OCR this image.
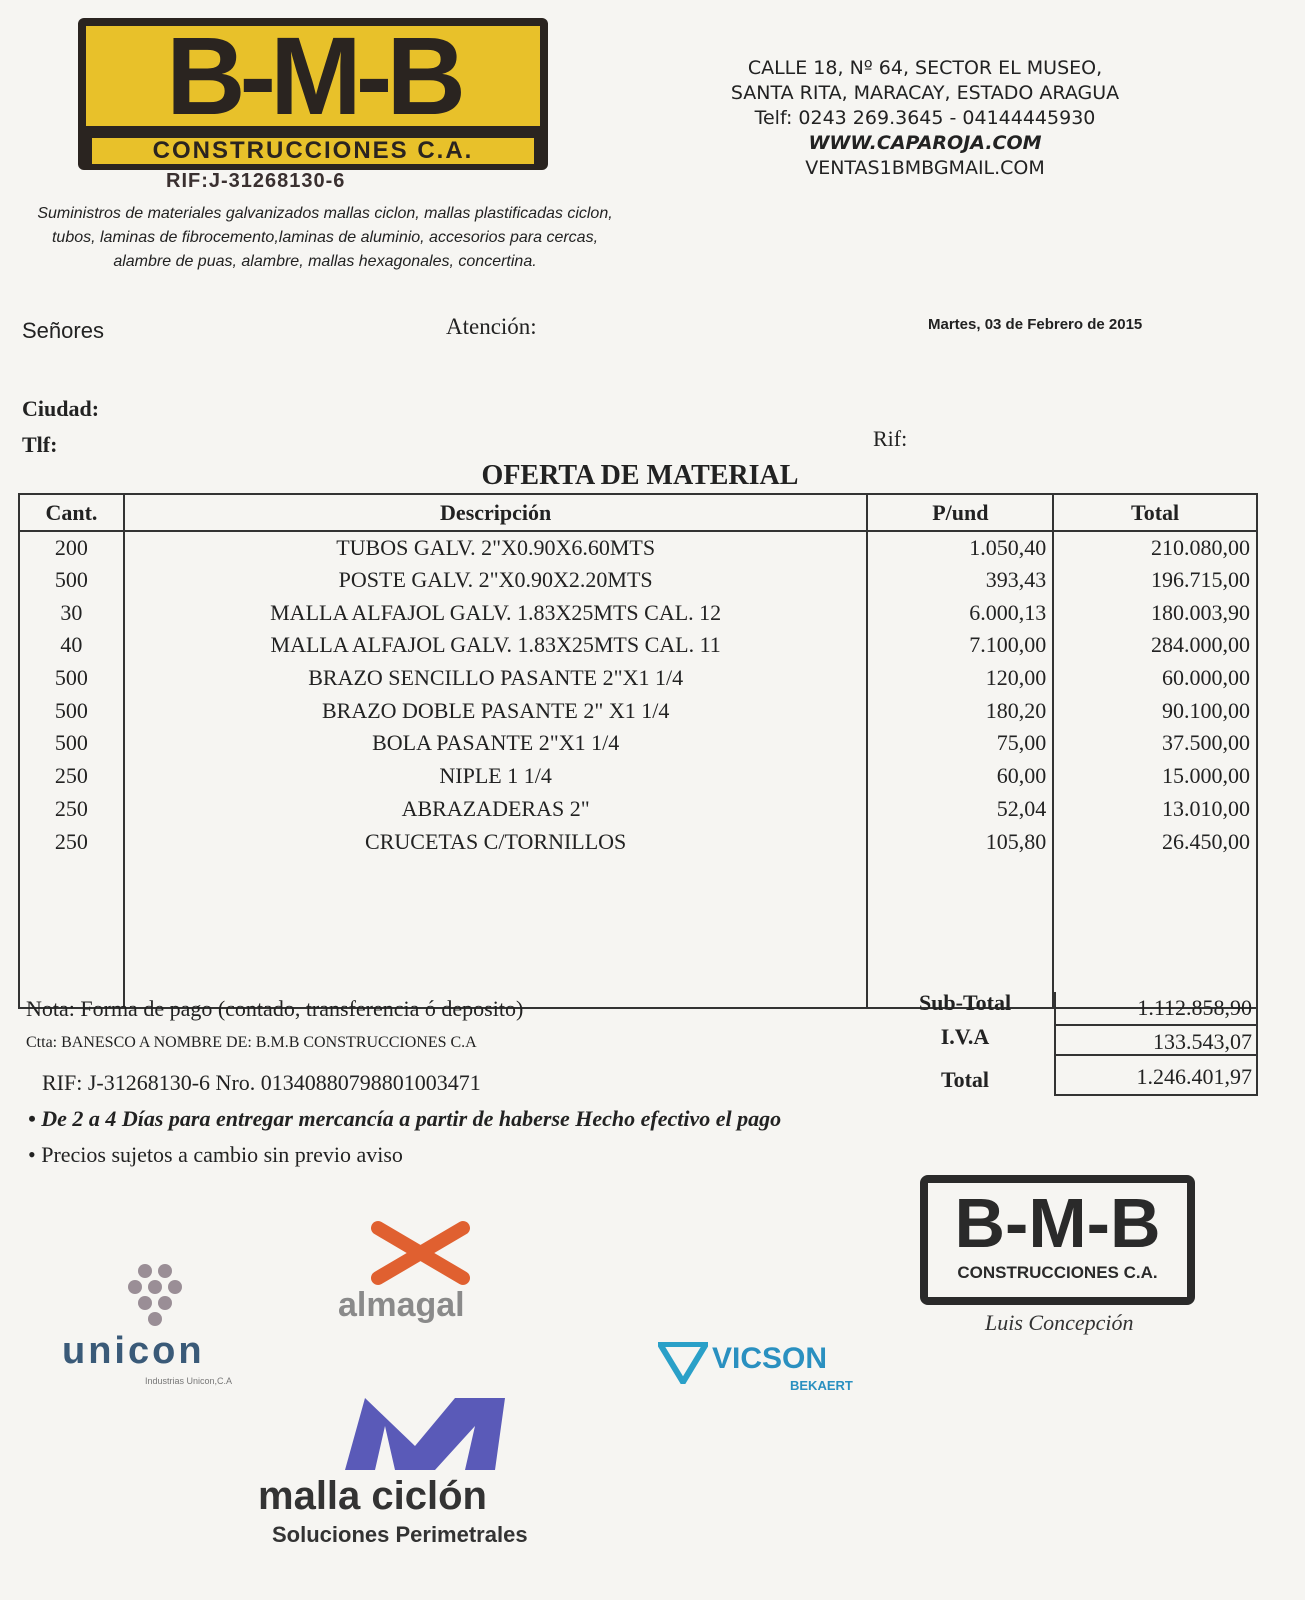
B-M-B
CONSTRUCCIONES C.A.
RIF:J-31268130-6
Suministros de materiales galvanizados mallas ciclon, mallas plastificadas ciclon, tubos, laminas de fibrocemento,laminas de aluminio, accesorios para cercas, alambre de puas, alambre, mallas hexagonales, concertina.
CALLE 18, Nº 64, SECTOR EL MUSEO,
SANTA RITA, MARACAY, ESTADO ARAGUA
Telf: 0243 269.3645 - 04144445930
WWW.CAPAROJA.COM
VENTAS1BMBGMAIL.COM
Señores	Atención:	Martes, 03 de Febrero de 2015
Ciudad:
Tlf:	Rif:
OFERTA DE MATERIAL
Cant.	Descripción	P/und	Total
200	TUBOS GALV. 2"X0.90X6.60MTS	1.050,40	210.080,00
500	POSTE GALV. 2"X0.90X2.20MTS	393,43	196.715,00
30	MALLA ALFAJOL GALV. 1.83X25MTS CAL. 12	6.000,13	180.003,90
40	MALLA ALFAJOL GALV. 1.83X25MTS CAL. 11	7.100,00	284.000,00
500	BRAZO SENCILLO PASANTE 2"X1 1/4	120,00	60.000,00
500	BRAZO DOBLE PASANTE 2" X1 1/4	180,20	90.100,00
500	BOLA PASANTE 2"X1 1/4	75,00	37.500,00
250	NIPLE 1 1/4	60,00	15.000,00
250	ABRAZADERAS 2"	52,04	13.010,00
250	CRUCETAS C/TORNILLOS	105,80	26.450,00

Sub-Total	1.112.858,90
I.V.A	133.543,07
Total	1.246.401,97
Nota: Forma de pago (contado, transferencia ó deposito)
Ctta: BANESCO A NOMBRE DE: B.M.B CONSTRUCCIONES C.A
RIF: J-31268130-6 Nro. 01340880798801003471
• De 2 a 4 Días para entregar mercancía a partir de haberse Hecho efectivo el pago
• Precios sujetos a cambio sin previo aviso
unicon
Industrias Unicon,C.A
almagal
VICSON
BEKAERT
malla ciclón
Soluciones Perimetrales
B-M-B
CONSTRUCCIONES C.A.
Luis Concepción
